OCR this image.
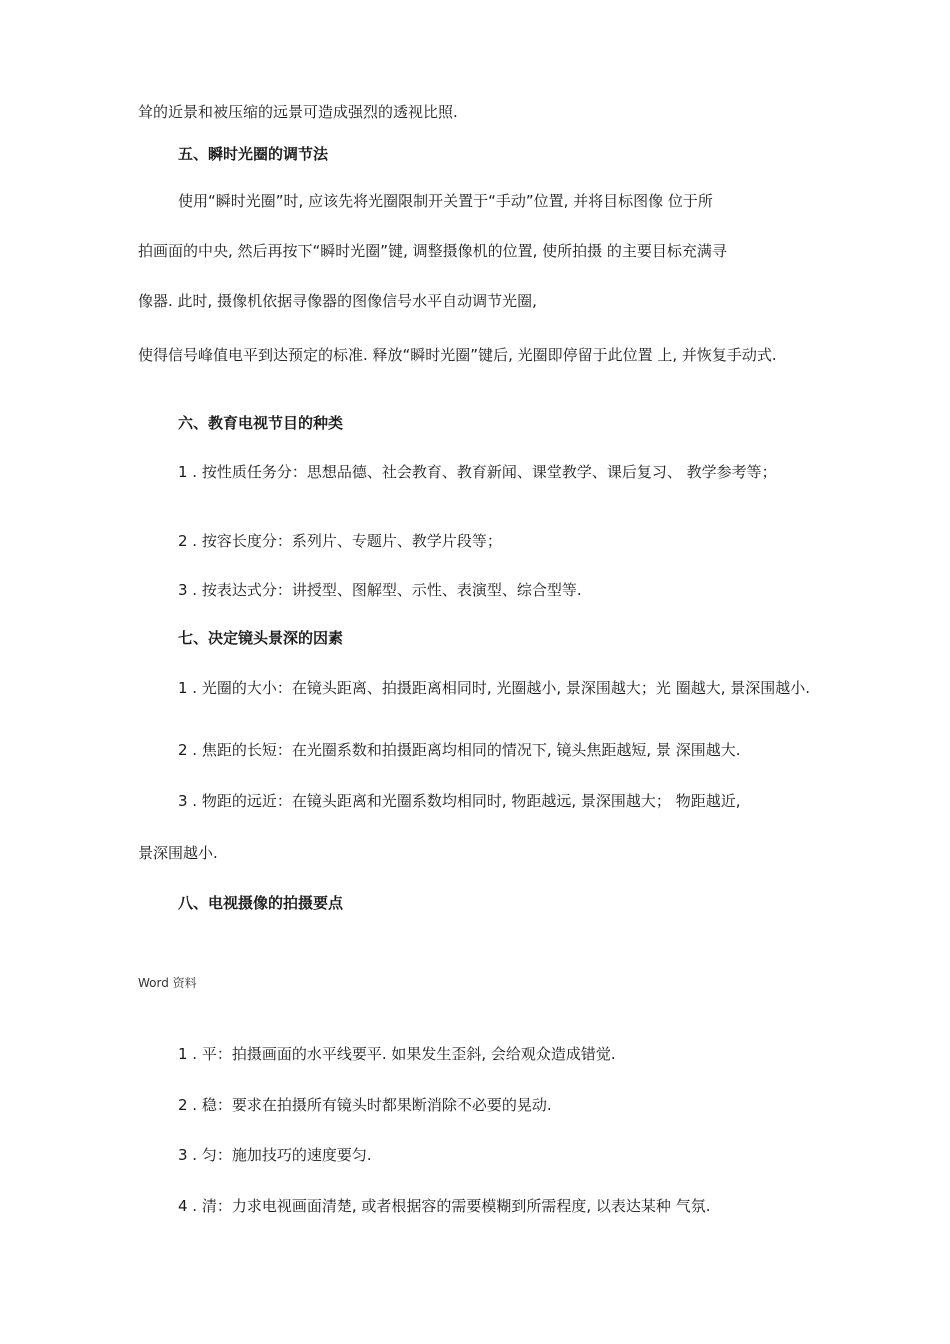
耸的近景和被压缩的远景可造成强烈的透视比照.
五、瞬时光圈的调节法
使用“瞬时光圈”时, 应该先将光圈限制开关置于“手动”位置, 并将目标图像 位于所
拍画面的中央, 然后再按下“瞬时光圈”键, 调整摄像机的位置, 使所拍摄 的主要目标充满寻
像器. 此时, 摄像机依据寻像器的图像信号水平自动调节光圈,
使得信号峰值电平到达预定的标准. 释放“瞬时光圈”键后, 光圈即停留于此位置 上, 并恢复手动式.
六、教育电视节目的种类
1 . 按性质任务分：思想品德、社会教育、教育新闻、课堂教学、课后复习、 教学参考等；
2 . 按容长度分：系列片、专题片、教学片段等；
3 . 按表达式分：讲授型、图解型、示性、表演型、综合型等.
七、决定镜头景深的因素
1 . 光圈的大小：在镜头距离、拍摄距离相同时, 光圈越小, 景深围越大；光 圈越大, 景深围越小.
2 . 焦距的长短：在光圈系数和拍摄距离均相同的情况下, 镜头焦距越短, 景 深围越大.
3 . 物距的远近：在镜头距离和光圈系数均相同时, 物距越远, 景深围越大； 物距越近,
景深围越小.
八、电视摄像的拍摄要点
Word 资料
1 . 平：拍摄画面的水平线要平. 如果发生歪斜, 会给观众造成错觉.
2 . 稳：要求在拍摄所有镜头时都果断消除不必要的晃动.
3 . 匀：施加技巧的速度要匀.
4 . 清：力求电视画面清楚, 或者根据容的需要模糊到所需程度, 以表达某种 气氛.
